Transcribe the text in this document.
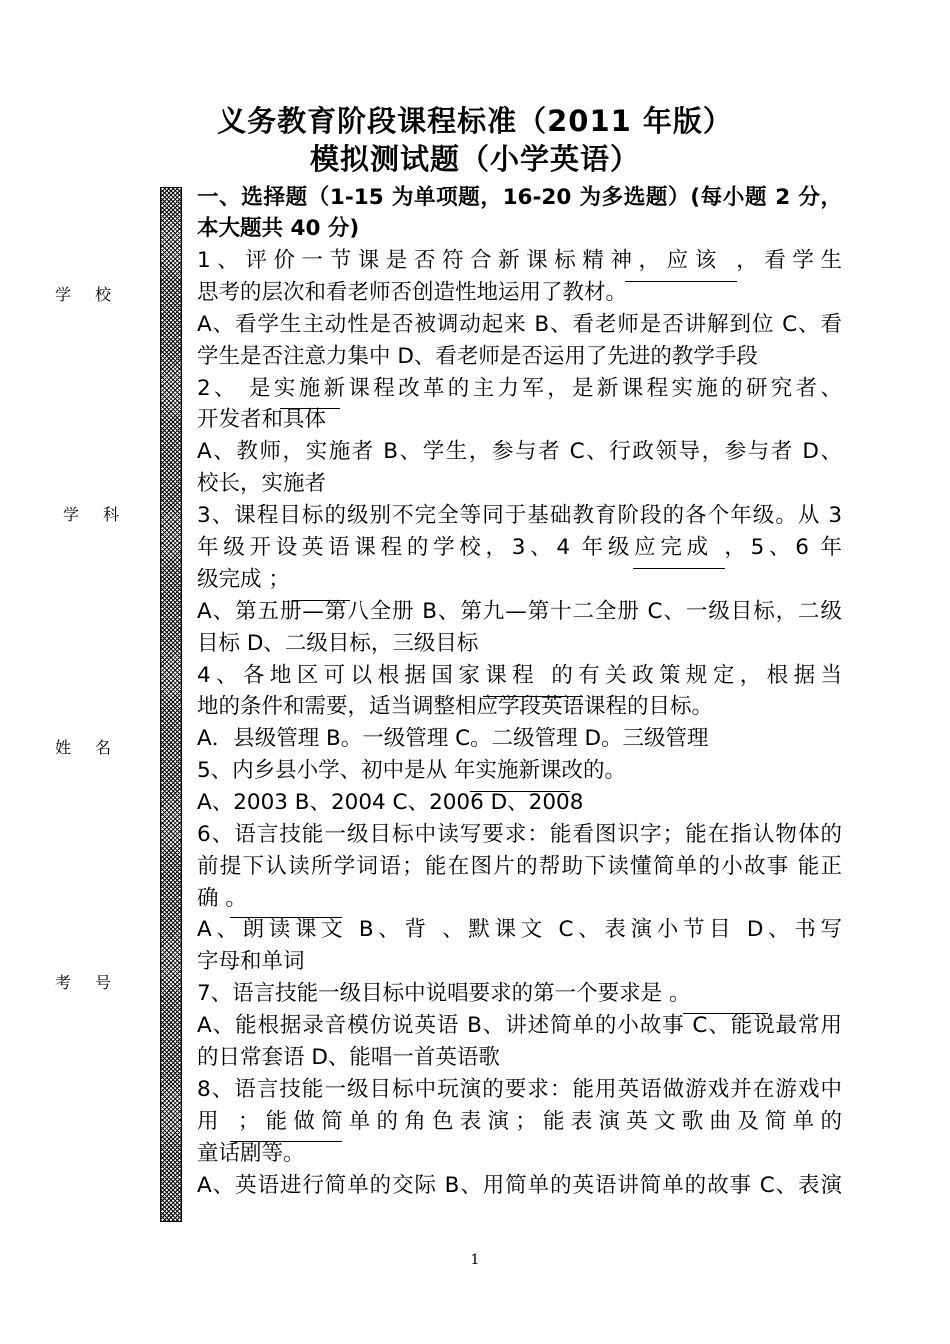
义务教育阶段课程标准（2011 年版）
模拟测试题（小学英语）
学 校
学 科
姓 名
考 号
一、选择题（1-15 为单项题，16-20 为多选题）(每小题 2 分，
本大题共 40 分)
1、评价一节课是否符合新课标精神，应该 ，看学生
思考的层次和看老师否创造性地运用了教材。
A、看学生主动性是否被调动起来 B、看老师是否讲解到位 C、看
学生是否注意力集中 D、看老师是否运用了先进的教学手段
2、 是实施新课程改革的主力军，是新课程实施的研究者、
开发者和具体
A、教师，实施者 B、学生，参与者 C、行政领导，参与者 D、
校长，实施者
3、课程目标的级别不完全等同于基础教育阶段的各个年级。从 3
年级开设英语课程的学校，3、4 年级应完成 ，5、6 年
级完成 ；
A、第五册—第八全册 B、第九—第十二全册 C、一级目标，二级
目标 D、二级目标，三级目标
4、各地区可以根据国家课程 的有关政策规定，根据当
地的条件和需要，适当调整相应学段英语课程的目标。
A．县级管理 B。一级管理 C。二级管理 D。三级管理
5、内乡县小学、初中是从 年实施新课改的。
A、2003 B、2004 C、2006 D、2008
6、语言技能一级目标中读写要求：能看图识字；能在指认物体的
前提下认读所学词语；能在图片的帮助下读懂简单的小故事 能正
确 。
A、朗读课文 B、背 、默课文 C、表演小节目 D、书写
字母和单词
7、语言技能一级目标中说唱要求的第一个要求是 。
A、能根据录音模仿说英语 B、讲述简单的小故事 C、能说最常用
的日常套语 D、能唱一首英语歌
8、语言技能一级目标中玩演的要求：能用英语做游戏并在游戏中
用 ；能做简单的角色表演；能表演英文歌曲及简单的
童话剧等。
A、英语进行简单的交际 B、用简单的英语讲简单的故事 C、表演
1
